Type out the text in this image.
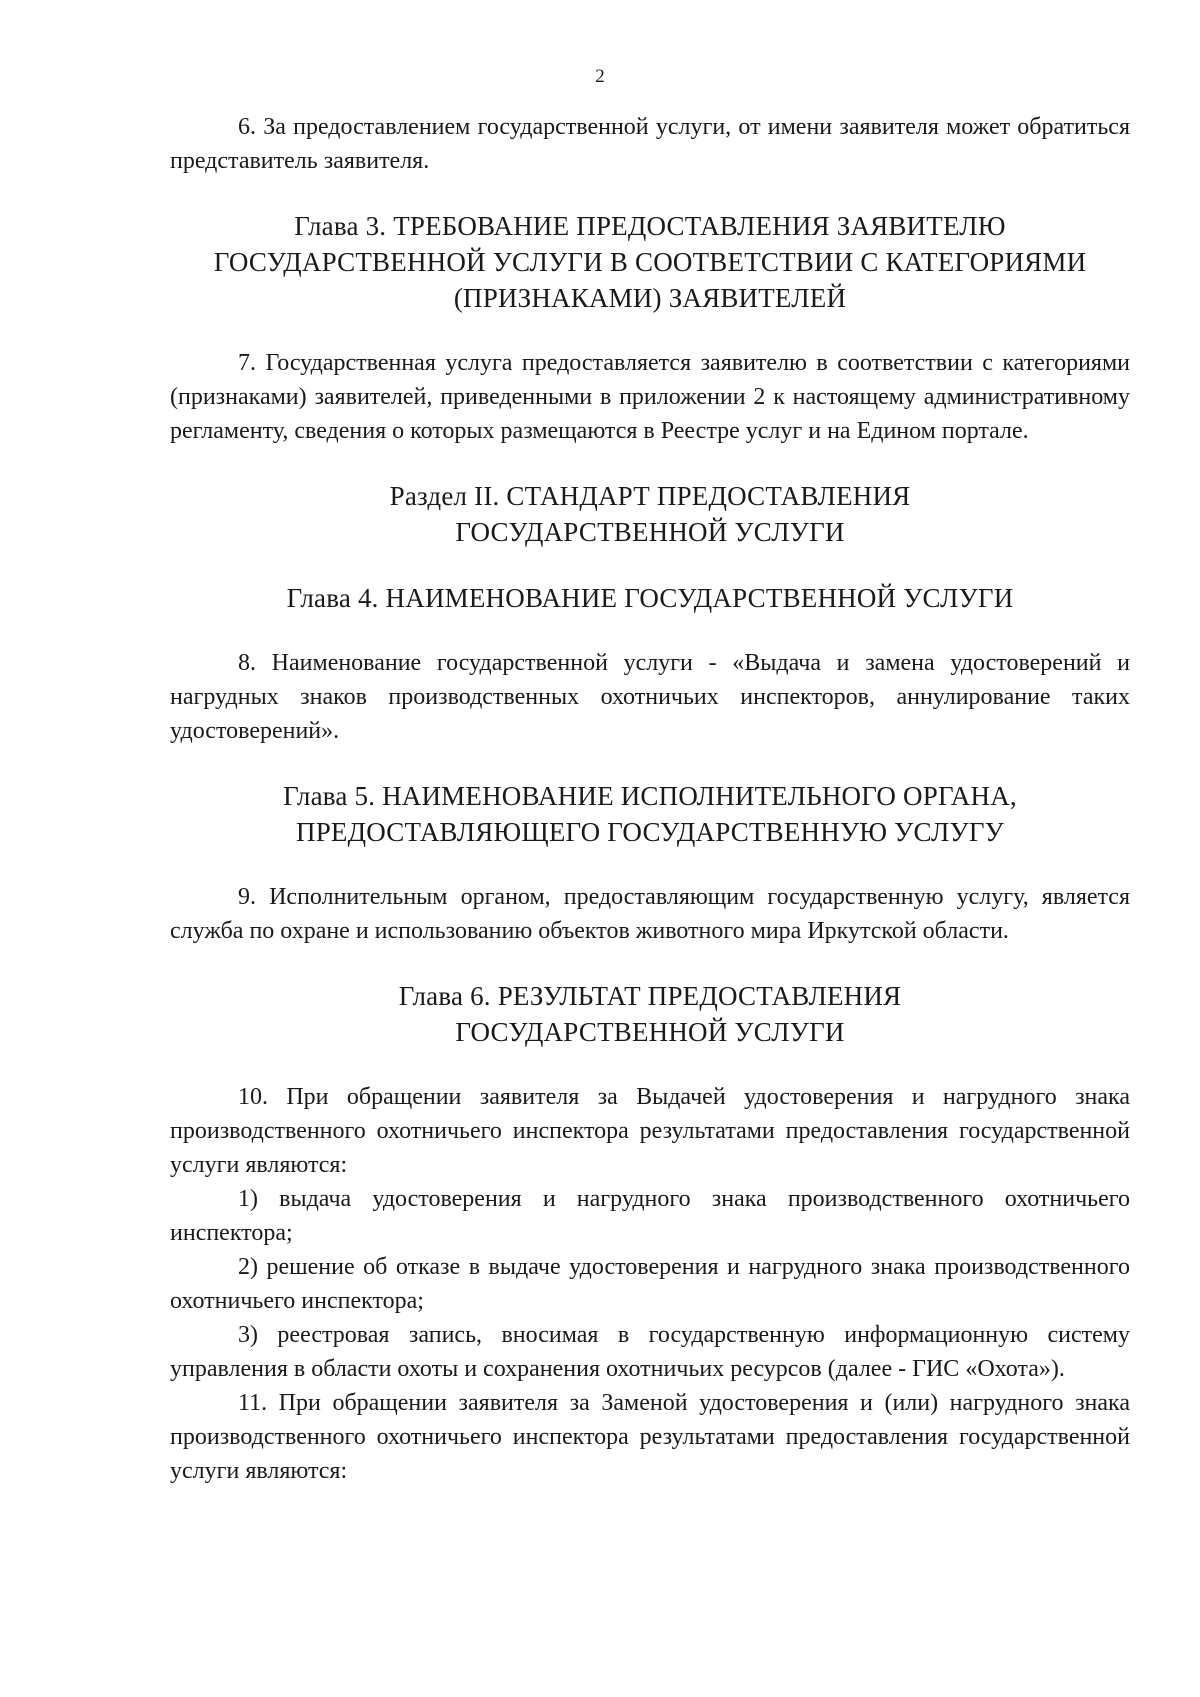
2

6. За предоставлением государственной услуги, от имени заявителя может обратиться представитель заявителя.

Глава 3. ТРЕБОВАНИЕ ПРЕДОСТАВЛЕНИЯ ЗАЯВИТЕЛЮ ГОСУДАРСТВЕННОЙ УСЛУГИ В СООТВЕТСТВИИ С КАТЕГОРИЯМИ (ПРИЗНАКАМИ) ЗАЯВИТЕЛЕЙ

7. Государственная услуга предоставляется заявителю в соответствии с категориями (признаками) заявителей, приведенными в приложении 2 к настоящему административному регламенту, сведения о которых размещаются в Реестре услуг и на Едином портале.

Раздел II. СТАНДАРТ ПРЕДОСТАВЛЕНИЯ ГОСУДАРСТВЕННОЙ УСЛУГИ

Глава 4. НАИМЕНОВАНИЕ ГОСУДАРСТВЕННОЙ УСЛУГИ

8. Наименование государственной услуги - «Выдача и замена удостоверений и нагрудных знаков производственных охотничьих инспекторов, аннулирование таких удостоверений».

Глава 5. НАИМЕНОВАНИЕ ИСПОЛНИТЕЛЬНОГО ОРГАНА, ПРЕДОСТАВЛЯЮЩЕГО ГОСУДАРСТВЕННУЮ УСЛУГУ

9. Исполнительным органом, предоставляющим государственную услугу, является служба по охране и использованию объектов животного мира Иркутской области.

Глава 6. РЕЗУЛЬТАТ ПРЕДОСТАВЛЕНИЯ ГОСУДАРСТВЕННОЙ УСЛУГИ

10. При обращении заявителя за Выдачей удостоверения и нагрудного знака производственного охотничьего инспектора результатами предоставления государственной услуги являются:

1) выдача удостоверения и нагрудного знака производственного охотничьего инспектора;

2) решение об отказе в выдаче удостоверения и нагрудного знака производственного охотничьего инспектора;

3) реестровая запись, вносимая в государственную информационную систему управления в области охоты и сохранения охотничьих ресурсов (далее - ГИС «Охота»).

11. При обращении заявителя за Заменой удостоверения и (или) нагрудного знака производственного охотничьего инспектора результатами предоставления государственной услуги являются:
